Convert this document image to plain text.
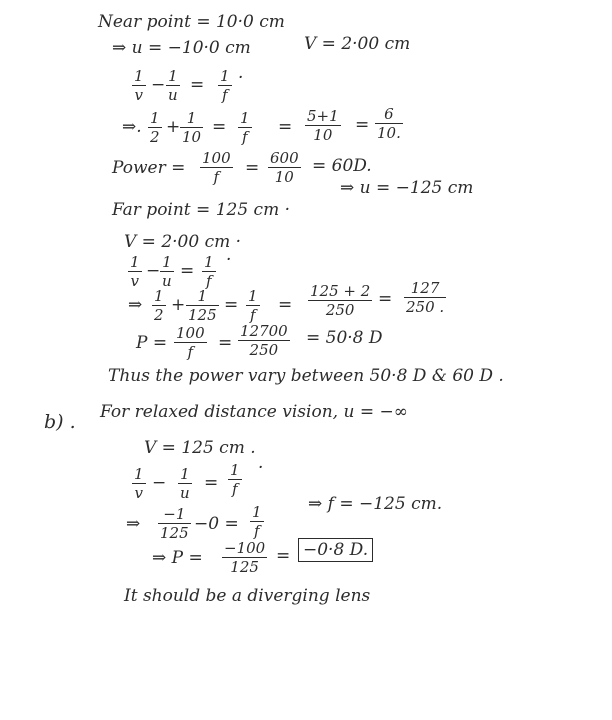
Near point = 10·0 cm
⇒ u = −10·0 cm	V = 2·00 cm
1
v − 1
u = 1
f
·
⇒. 1
2 + 1
10 = 1
f =
5+1
10 =
6
10.
Power = 100
f = 600
10
= 60D.
Far point = 125 cm ·
⇒ u = −125 cm
V = 2·00 cm ·
1
v − 1
u = 1
f
·
⇒ 1
2 + 1
125 = 1
f =
125 + 2
250
=
127
250 .
P = 100
f =
12700
250
= 50·8 D
Thus the power vary between 50·8 D & 60 D .
b) . For relaxed distance vision, u = −∞
V = 125 cm .
1
v − 1
u =
1
f
·
⇒ −1
125 −0 =
1
f
⇒ f = −125 cm.
⇒ P = −100
125
= −0·8 D.
It should be a diverging lens
